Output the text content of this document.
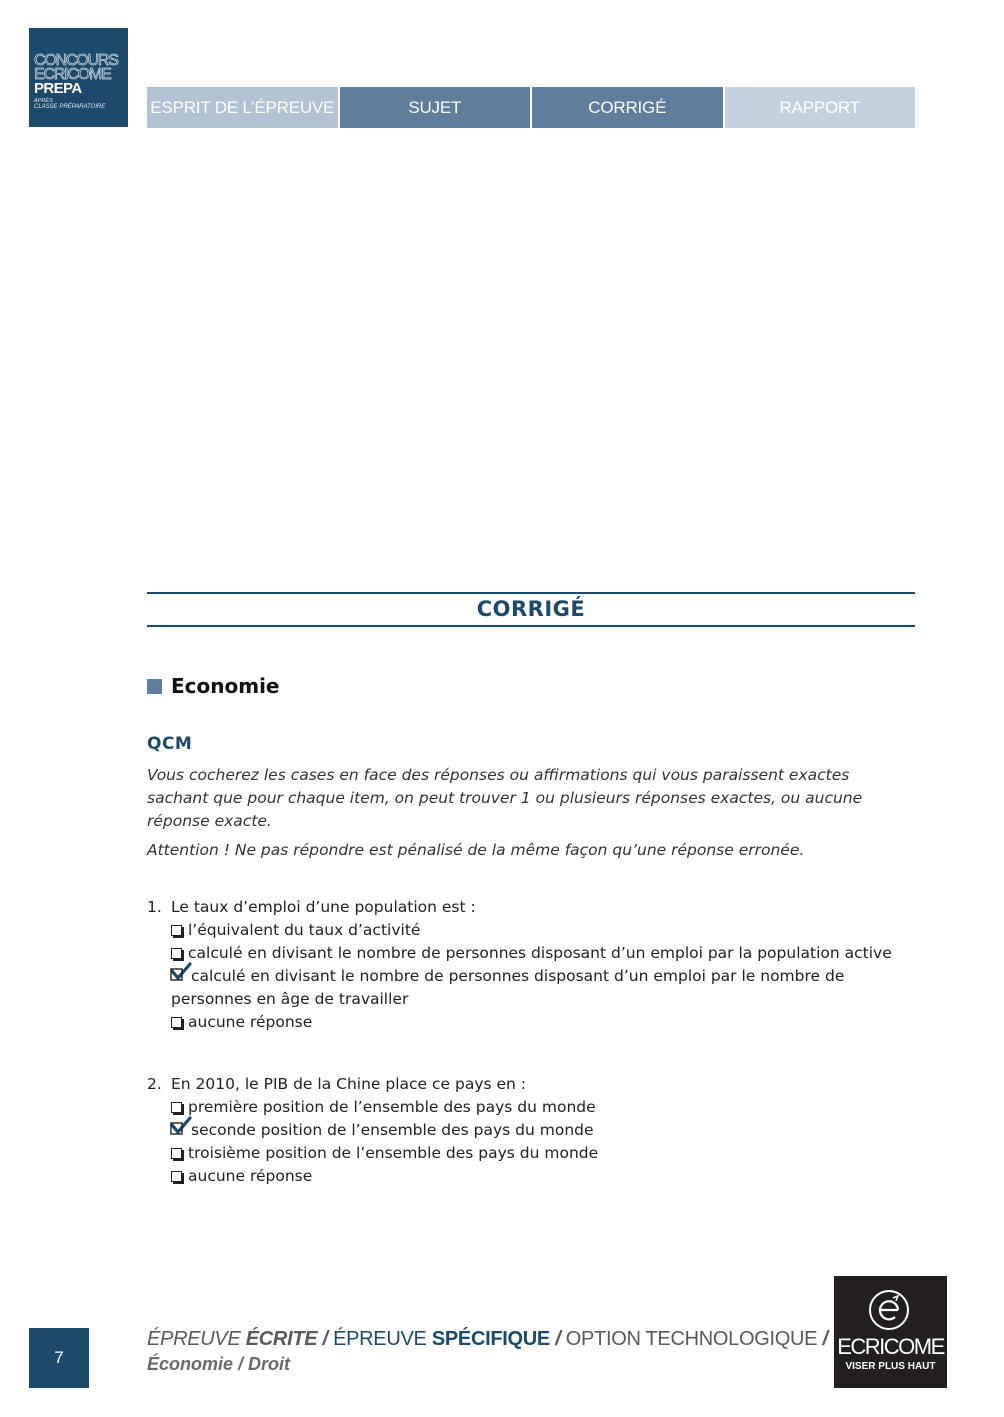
CONCOURS
ECRICOME
PREPA
APRÈS
CLASSE PRÉPARATOIRE	ESPRIT DE L’ÉPREUVE	SUJET	CORRIGÉ	RAPPORT
CORRIGÉ
Economie
QCM
Vous cocherez les cases en face des réponses ou affirmations qui vous paraissent exactes sachant que pour chaque item, on peut trouver 1 ou plusieurs réponses exactes, ou aucune réponse exacte.
Attention ! Ne pas répondre est pénalisé de la même façon qu’une réponse erronée.
1. Le taux d’emploi d’une population est :
l’équivalent du taux d’activité
calculé en divisant le nombre de personnes disposant d’un emploi par la population active
calculé en divisant le nombre de personnes disposant d’un emploi par le nombre de personnes en âge de travailler
aucune réponse
2. En 2010, le PIB de la Chine place ce pays en :
première position de l’ensemble des pays du monde
seconde position de l’ensemble des pays du monde
troisième position de l’ensemble des pays du monde
aucune réponse
7
ÉPREUVE ÉCRITE / ÉPREUVE SPÉCIFIQUE / OPTION TECHNOLOGIQUE /
Économie / Droit
ECRICOME
VISER PLUS HAUT
